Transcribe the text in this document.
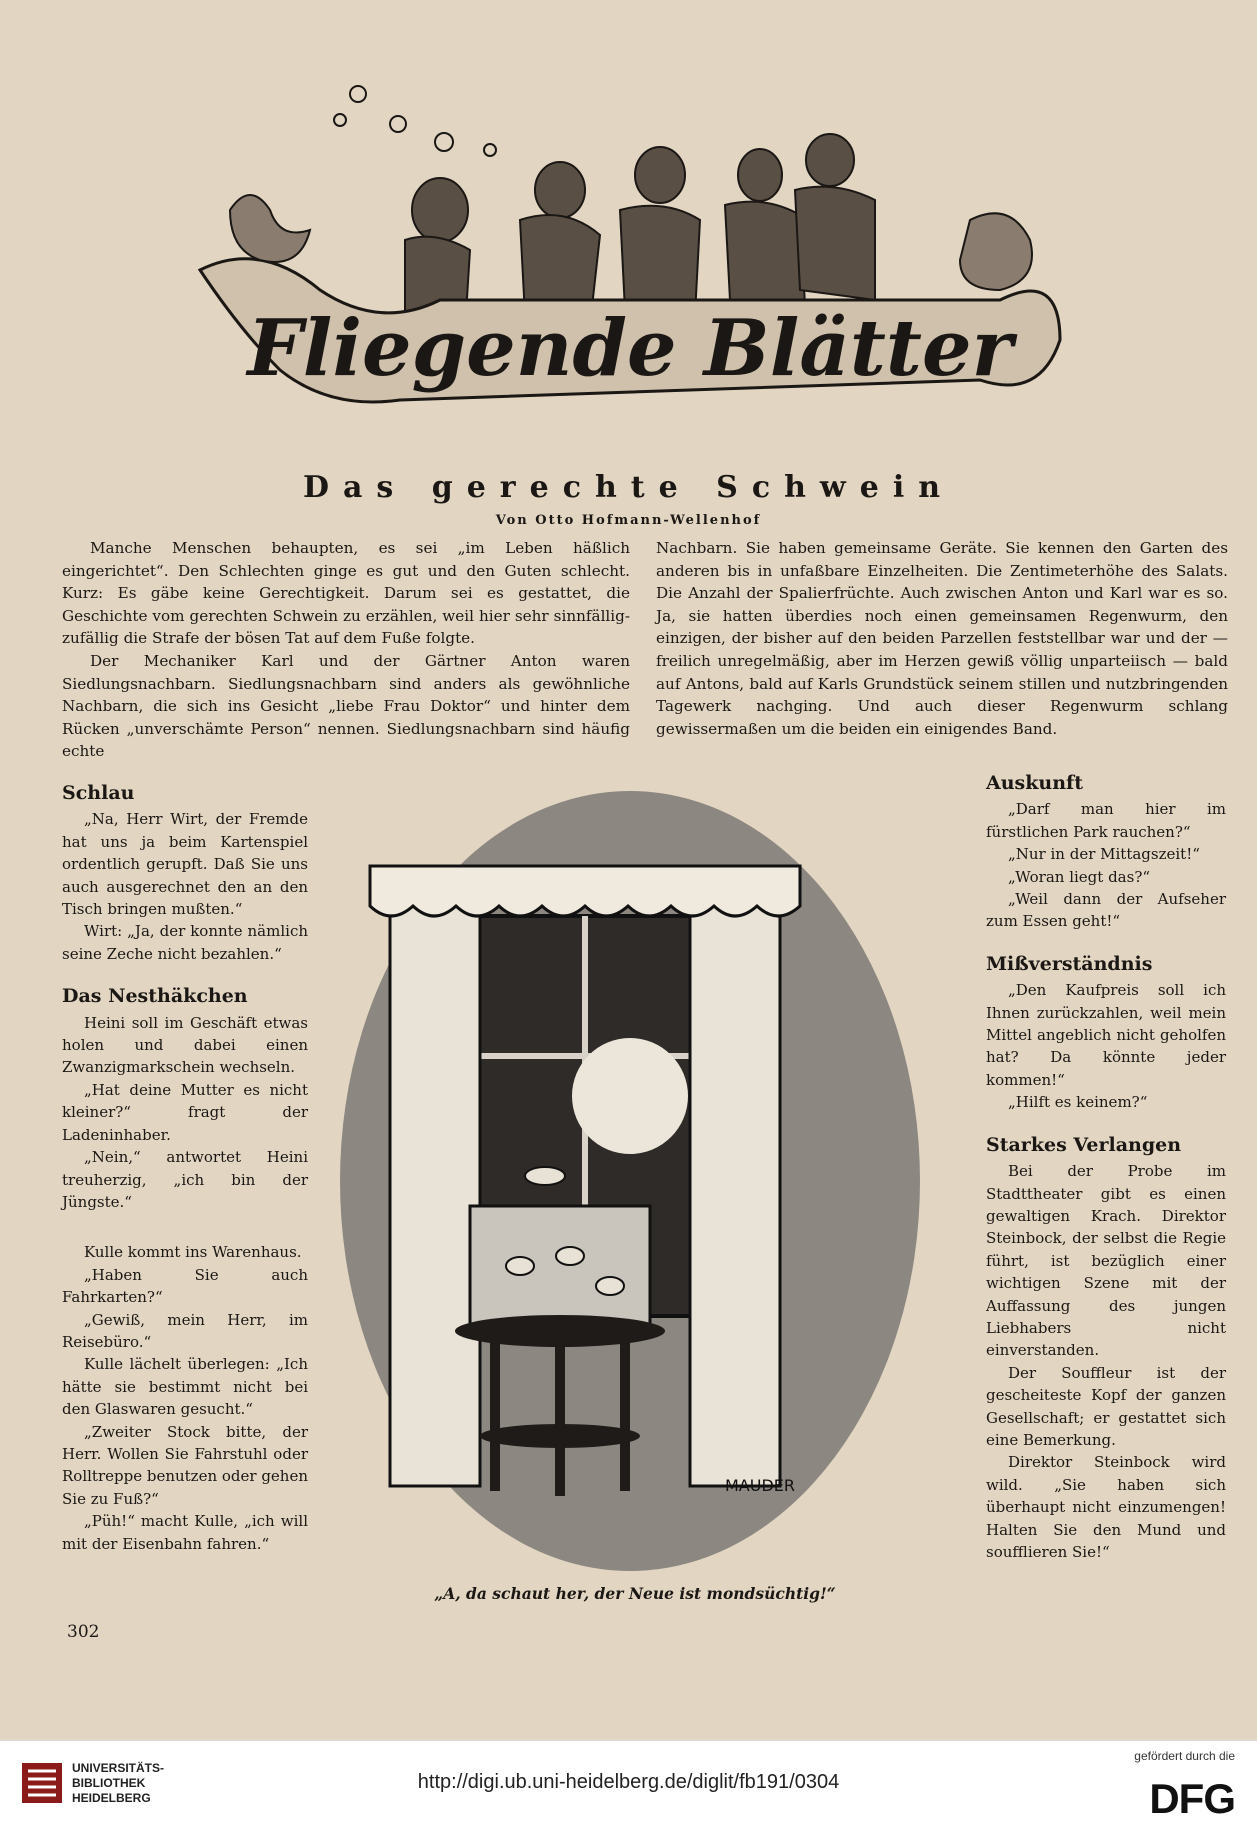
Fliegende Blätter
Das gerechte Schwein
Von Otto Hofmann-Wellenhof

Manche Menschen behaupten, es sei „im Leben häßlich eingerichtet“. Den Schlechten ginge es gut und den Guten schlecht. Kurz: Es gäbe keine Gerechtigkeit. Darum sei es gestattet, die Geschichte vom gerechten Schwein zu erzählen, weil hier sehr sinnfällig-zufällig die Strafe der bösen Tat auf dem Fuße folgte.

Der Mechaniker Karl und der Gärtner Anton waren Siedlungsnachbarn. Siedlungsnachbarn sind anders als gewöhnliche Nachbarn, die sich ins Gesicht „liebe Frau Doktor“ und hinter dem Rücken „unverschämte Person“ nennen. Siedlungsnachbarn sind häufig echte

Nachbarn. Sie haben gemeinsame Geräte. Sie kennen den Garten des anderen bis in unfaßbare Einzelheiten. Die Zentimeterhöhe des Salats. Die Anzahl der Spalierfrüchte. Auch zwischen Anton und Karl war es so. Ja, sie hatten überdies noch einen gemeinsamen Regenwurm, den einzigen, der bisher auf den beiden Parzellen feststellbar war und der — freilich unregelmäßig, aber im Herzen gewiß völlig unparteiisch — bald auf Antons, bald auf Karls Grundstück seinem stillen und nutzbringenden Tagewerk nachging. Und auch dieser Regenwurm schlang gewissermaßen um die beiden ein einigendes Band.

Schlau

„Na, Herr Wirt, der Fremde hat uns ja beim Kartenspiel ordentlich gerupft. Daß Sie uns auch ausgerechnet den an den Tisch bringen mußten.“

Wirt: „Ja, der konnte nämlich seine Zeche nicht bezahlen.“

Das Nesthäkchen

Heini soll im Geschäft etwas holen und dabei einen Zwanzigmarkschein wechseln.

„Hat deine Mutter es nicht kleiner?“ fragt der Ladeninhaber.

„Nein,“ antwortet Heini treuherzig, „ich bin der Jüngste.“

Kulle kommt ins Warenhaus.

„Haben Sie auch Fahrkarten?“

„Gewiß, mein Herr, im Reisebüro.“

Kulle lächelt überlegen: „Ich hätte sie bestimmt nicht bei den Glaswaren gesucht.“

„Zweiter Stock bitte, der Herr. Wollen Sie Fahrstuhl oder Rolltreppe benutzen oder gehen Sie zu Fuß?“

„Püh!“ macht Kulle, „ich will mit der Eisenbahn fahren.“

MAUDER
„A, da schaut her, der Neue ist mondsüchtig!“
Auskunft

„Darf man hier im fürstlichen Park rauchen?“

„Nur in der Mittagszeit!“

„Woran liegt das?“

„Weil dann der Aufseher zum Essen geht!“

Mißverständnis

„Den Kaufpreis soll ich Ihnen zurückzahlen, weil mein Mittel angeblich nicht geholfen hat? Da könnte jeder kommen!“

„Hilft es keinem?“

Starkes Verlangen

Bei der Probe im Stadttheater gibt es einen gewaltigen Krach. Direktor Steinbock, der selbst die Regie führt, ist bezüglich einer wichtigen Szene mit der Auffassung des jungen Liebhabers nicht einverstanden.

Der Souffleur ist der gescheiteste Kopf der ganzen Gesellschaft; er gestattet sich eine Bemerkung.

Direktor Steinbock wird wild. „Sie haben sich überhaupt nicht einzumengen! Halten Sie den Mund und soufflieren Sie!“

302
UNIVERSITÄTS-
BIBLIOTHEK
HEIDELBERG
http://digi.ub.uni-heidelberg.de/diglit/fb191/0304
gefördert durch die
DFG
